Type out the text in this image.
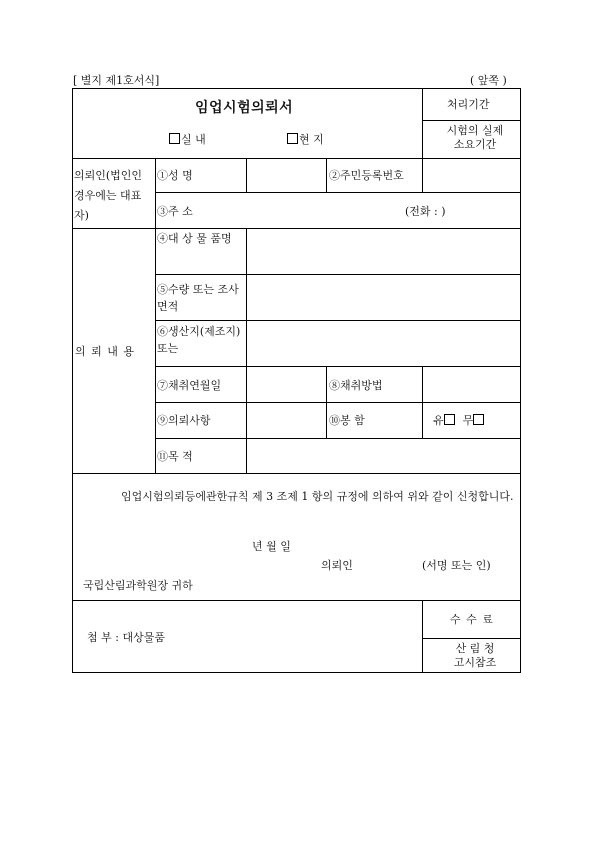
[ 별지 제1호서식]	( 앞쪽 )
임업시험의뢰서	처리기간
시험의 실제
소요기간
실 내	현 지
의뢰인(법인인 경우에는 대표자)
①성 명	②주민등록번호
③주 소	(전화 : )
의 뢰 내 용
④대 상 물 품명
⑤수량 또는 조사면적
⑥생산지(제조지) 또는
⑦채취연월일	⑧채취방법
⑨의뢰사항	⑩봉 함	유 무
⑪목 적
임업시험의뢰등에관한규칙 제 3 조제 1 항의 규정에 의하여 위와 같이 신청합니다.
년 월 일
의뢰인	(서명 또는 인)
국립산림과학원장 귀하
첨 부 : 대상물품
수 수 료
산 림 청
고시참조
